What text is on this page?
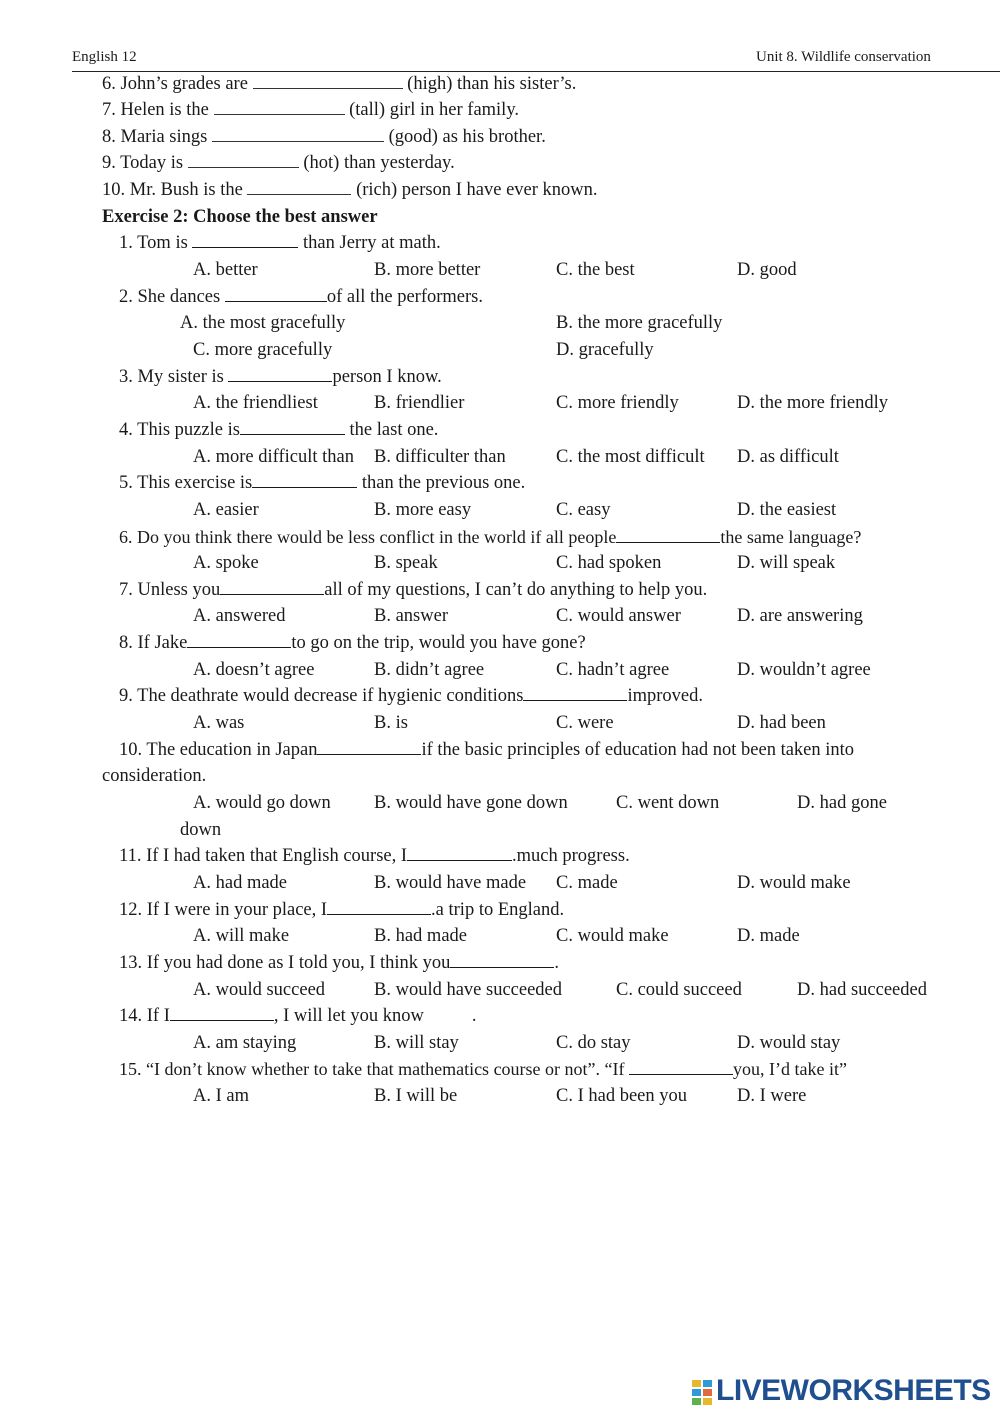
English 12	Unit 8. Wildlife conservation
6. John’s grades are	(high) than his sister’s.
7. Helen is the	(tall) girl in her family.
8. Maria sings	(good) as his brother.
9. Today is	(hot) than yesterday.
10. Mr. Bush is the	(rich) person I have ever known.
Exercise 2: Choose the best answer
1. Tom is	than Jerry at math.
A. better	B. more better	C. the best	D. good
2. She dances	of all the performers.
A. the most gracefully	B. the more gracefully
C. more gracefully	D. gracefully
3. My sister is	person I know.
A. the friendliest	B. friendlier	C. more friendly	D. the more friendly
4. This puzzle is	the last one.
A. more difficult than B. difficulter than	C. the most difficult D. as difficult
5. This exercise is	than the previous one.
A. easier	B. more easy	C. easy	D. the easiest
6. Do you think there would be less conflict in the world if all people	the same language?
A. spoke	B. speak	C. had spoken	D. will speak
7. Unless you	all of my questions, I can’t do anything to help you.
A. answered	B. answer	C. would answer	D. are answering
8. If Jake	to go on the trip, would you have gone?
A. doesn’t agree	B. didn’t agree	C. hadn’t agree	D. wouldn’t agree
9. The deathrate would decrease if hygienic conditions	improved.
A. was	B. is	C. were	D. had been
10. The education in Japan	if the basic principles of education had not been taken into
consideration.
A. would go down B. would have gone down	C. went down	D. had gone
down
11. If I had taken that English course, I	.much progress.
A. had made	B. would have made C. made	D. would make
12. If I were in your place, I	.a trip to England.
A. will make	B. had made	C. would make	D. made
13. If you had done as I told you, I think you	.
A. would succeed	B. would have succeeded	C. could succeed	D. had succeeded
14. If I	, I will let you know	.
A. am staying	B. will stay	C. do stay	D. would stay
15. “I don’t know whether to take that mathematics course or not”. “If	you, I’d take it”
A. I am	B. I will be	C. I had been you	D. I were
LIVEWORKSHEETS
